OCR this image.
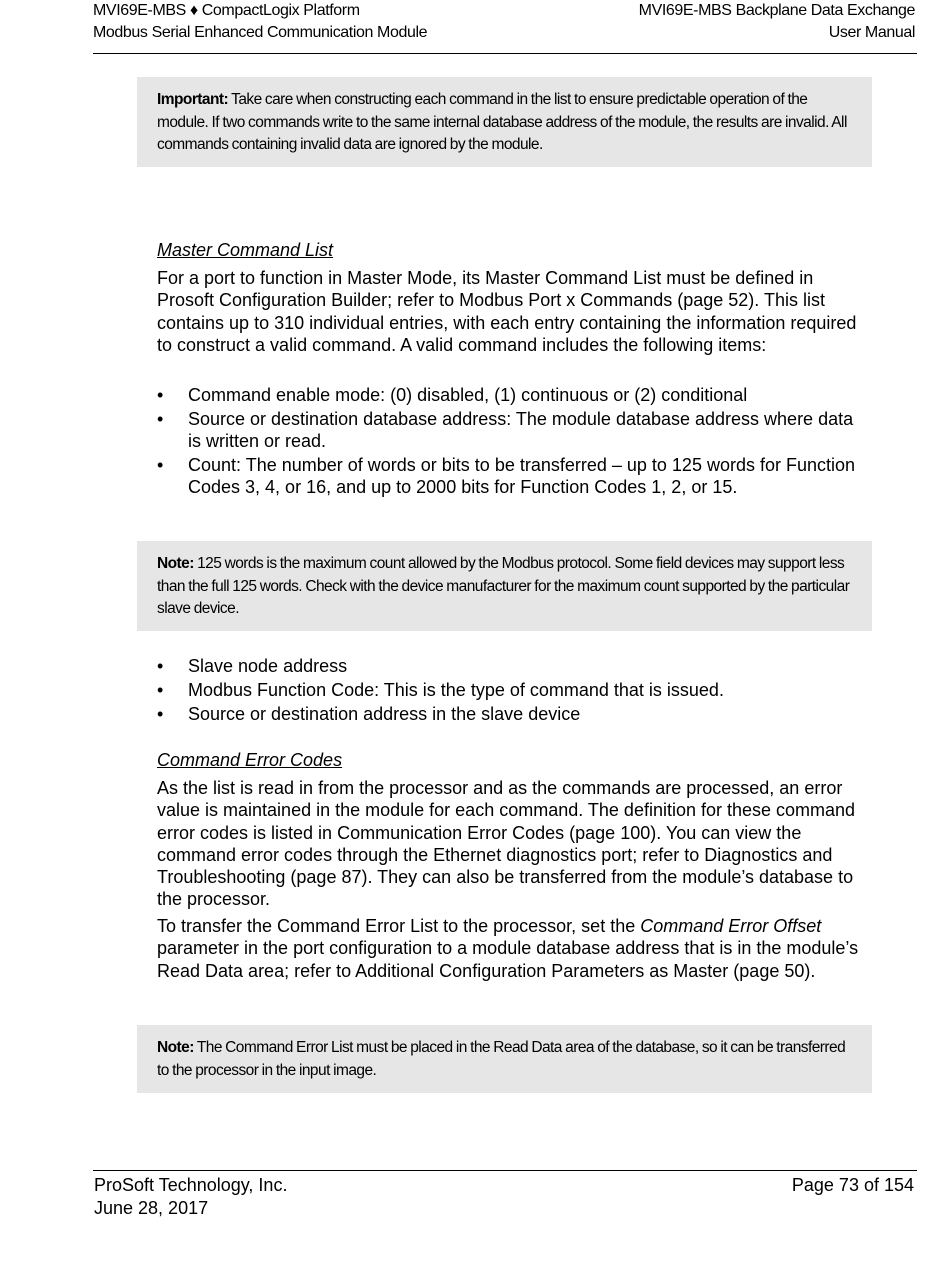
MVI69E-MBS ♦ CompactLogix Platform
Modbus Serial Enhanced Communication Module
MVI69E-MBS Backplane Data Exchange
User Manual
Important: Take care when constructing each command in the list to ensure predictable operation of the module. If two commands write to the same internal database address of the module, the results are invalid. All commands containing invalid data are ignored by the module.
Master Command List
For a port to function in Master Mode, its Master Command List must be defined in Prosoft Configuration Builder; refer to Modbus Port x Commands (page 52). This list contains up to 310 individual entries, with each entry containing the information required to construct a valid command. A valid command includes the following items:
• Command enable mode: (0) disabled, (1) continuous or (2) conditional
• Source or destination database address: The module database address where data is written or read.
• Count: The number of words or bits to be transferred – up to 125 words for Function Codes 3, 4, or 16, and up to 2000 bits for Function Codes 1, 2, or 15.
Note: 125 words is the maximum count allowed by the Modbus protocol. Some field devices may support less than the full 125 words. Check with the device manufacturer for the maximum count supported by the particular slave device.
• Slave node address
• Modbus Function Code: This is the type of command that is issued.
• Source or destination address in the slave device
Command Error Codes
As the list is read in from the processor and as the commands are processed, an error value is maintained in the module for each command. The definition for these command error codes is listed in Communication Error Codes (page 100). You can view the command error codes through the Ethernet diagnostics port; refer to Diagnostics and Troubleshooting (page 87). They can also be transferred from the module’s database to the processor.
To transfer the Command Error List to the processor, set the Command Error Offset parameter in the port configuration to a module database address that is in the module’s Read Data area; refer to Additional Configuration Parameters as Master (page 50).
Note: The Command Error List must be placed in the Read Data area of the database, so it can be transferred to the processor in the input image.
ProSoft Technology, Inc.
June 28, 2017
Page 73 of 154
